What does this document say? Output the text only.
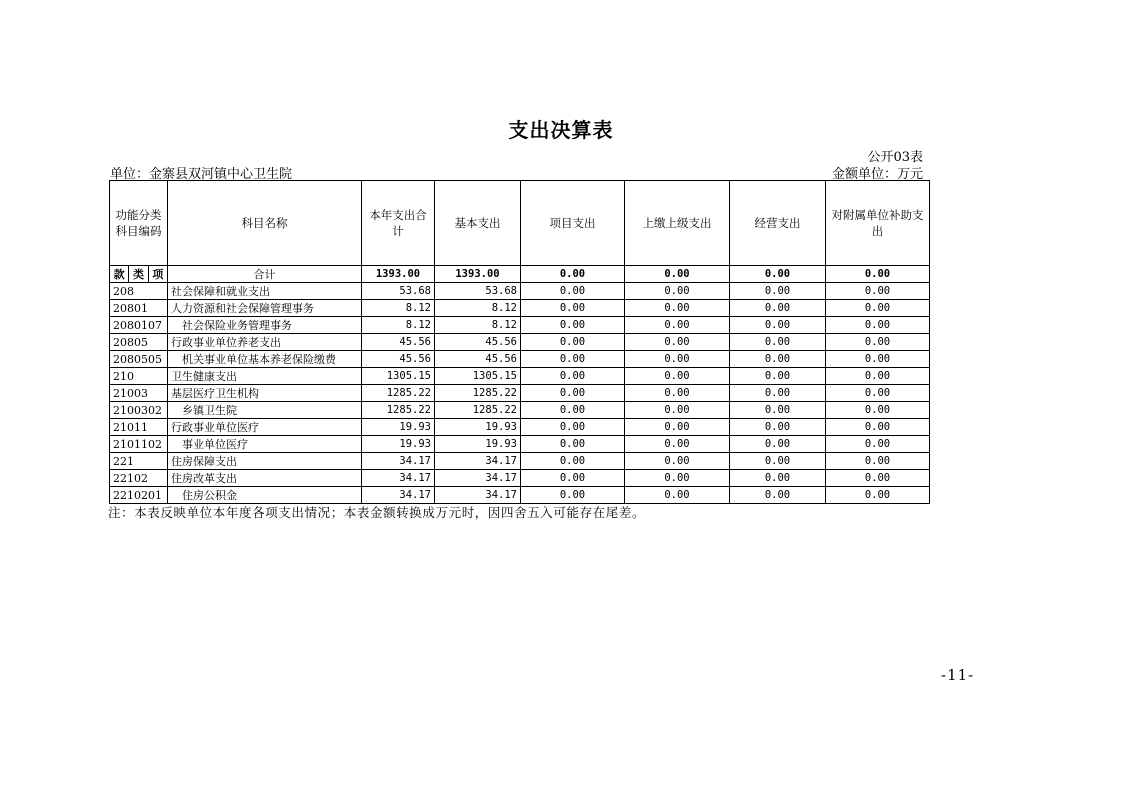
支出决算表
公开03表
单位：金寨县双河镇中心卫生院	金额单位：万元
功能分类科目编码	科目名称	本年支出合计	基本支出	项目支出	上缴上级支出	经营支出	对附属单位补助支出

款 类 项	合计	1393.00	1393.00	0.00	0.00	0.00	0.00
208	社会保障和就业支出	53.68	53.68	0.00	0.00	0.00	0.00
20801	人力资源和社会保障管理事务	8.12	8.12	0.00	0.00	0.00	0.00
2080107	社会保险业务管理事务	8.12	8.12	0.00	0.00	0.00	0.00
20805	行政事业单位养老支出	45.56	45.56	0.00	0.00	0.00	0.00
2080505	机关事业单位基本养老保险缴费	45.56	45.56	0.00	0.00	0.00	0.00
210	卫生健康支出	1305.15	1305.15	0.00	0.00	0.00	0.00
21003	基层医疗卫生机构	1285.22	1285.22	0.00	0.00	0.00	0.00
2100302	乡镇卫生院	1285.22	1285.22	0.00	0.00	0.00	0.00
21011	行政事业单位医疗	19.93	19.93	0.00	0.00	0.00	0.00
2101102	事业单位医疗	19.93	19.93	0.00	0.00	0.00	0.00
221	住房保障支出	34.17	34.17	0.00	0.00	0.00	0.00
22102	住房改革支出	34.17	34.17	0.00	0.00	0.00	0.00
2210201	住房公积金	34.17	34.17	0.00	0.00	0.00	0.00
注：本表反映单位本年度各项支出情况；本表金额转换成万元时，因四舍五入可能存在尾差。
-11-
